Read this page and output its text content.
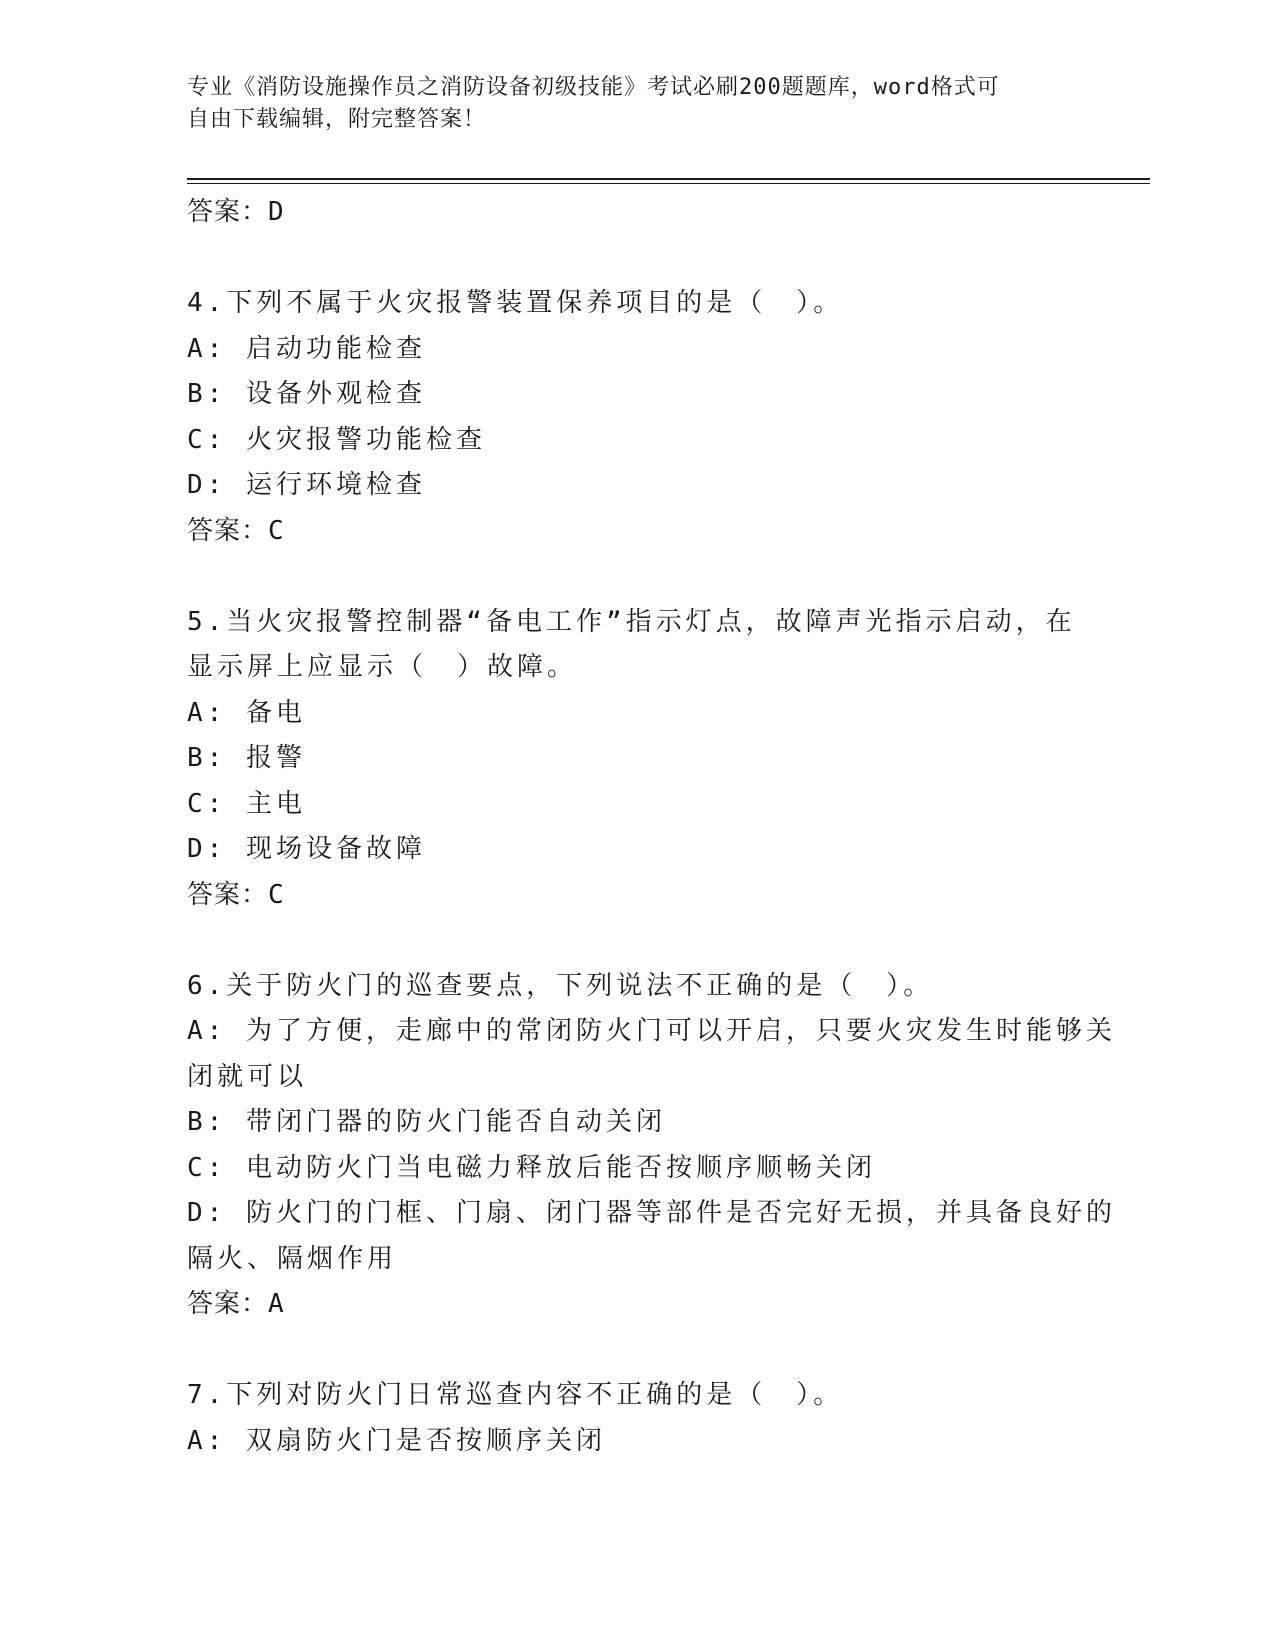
专业《消防设施操作员之消防设备初级技能》考试必刷200题题库，word格式可
自由下载编辑，附完整答案！
答案：D
4.下列不属于火灾报警装置保养项目的是（　）。
A: 启动功能检查
B: 设备外观检查
C: 火灾报警功能检查
D: 运行环境检查
答案：C
5.当火灾报警控制器“备电工作”指示灯点，故障声光指示启动，在
显示屏上应显示（　）故障。
A: 备电
B: 报警
C: 主电
D: 现场设备故障
答案：C
6.关于防火门的巡查要点，下列说法不正确的是（　）。
A: 为了方便，走廊中的常闭防火门可以开启，只要火灾发生时能够关
闭就可以
B: 带闭门器的防火门能否自动关闭
C: 电动防火门当电磁力释放后能否按顺序顺畅关闭
D: 防火门的门框、门扇、闭门器等部件是否完好无损，并具备良好的
隔火、隔烟作用
答案：A
7.下列对防火门日常巡查内容不正确的是（　）。
A: 双扇防火门是否按顺序关闭
